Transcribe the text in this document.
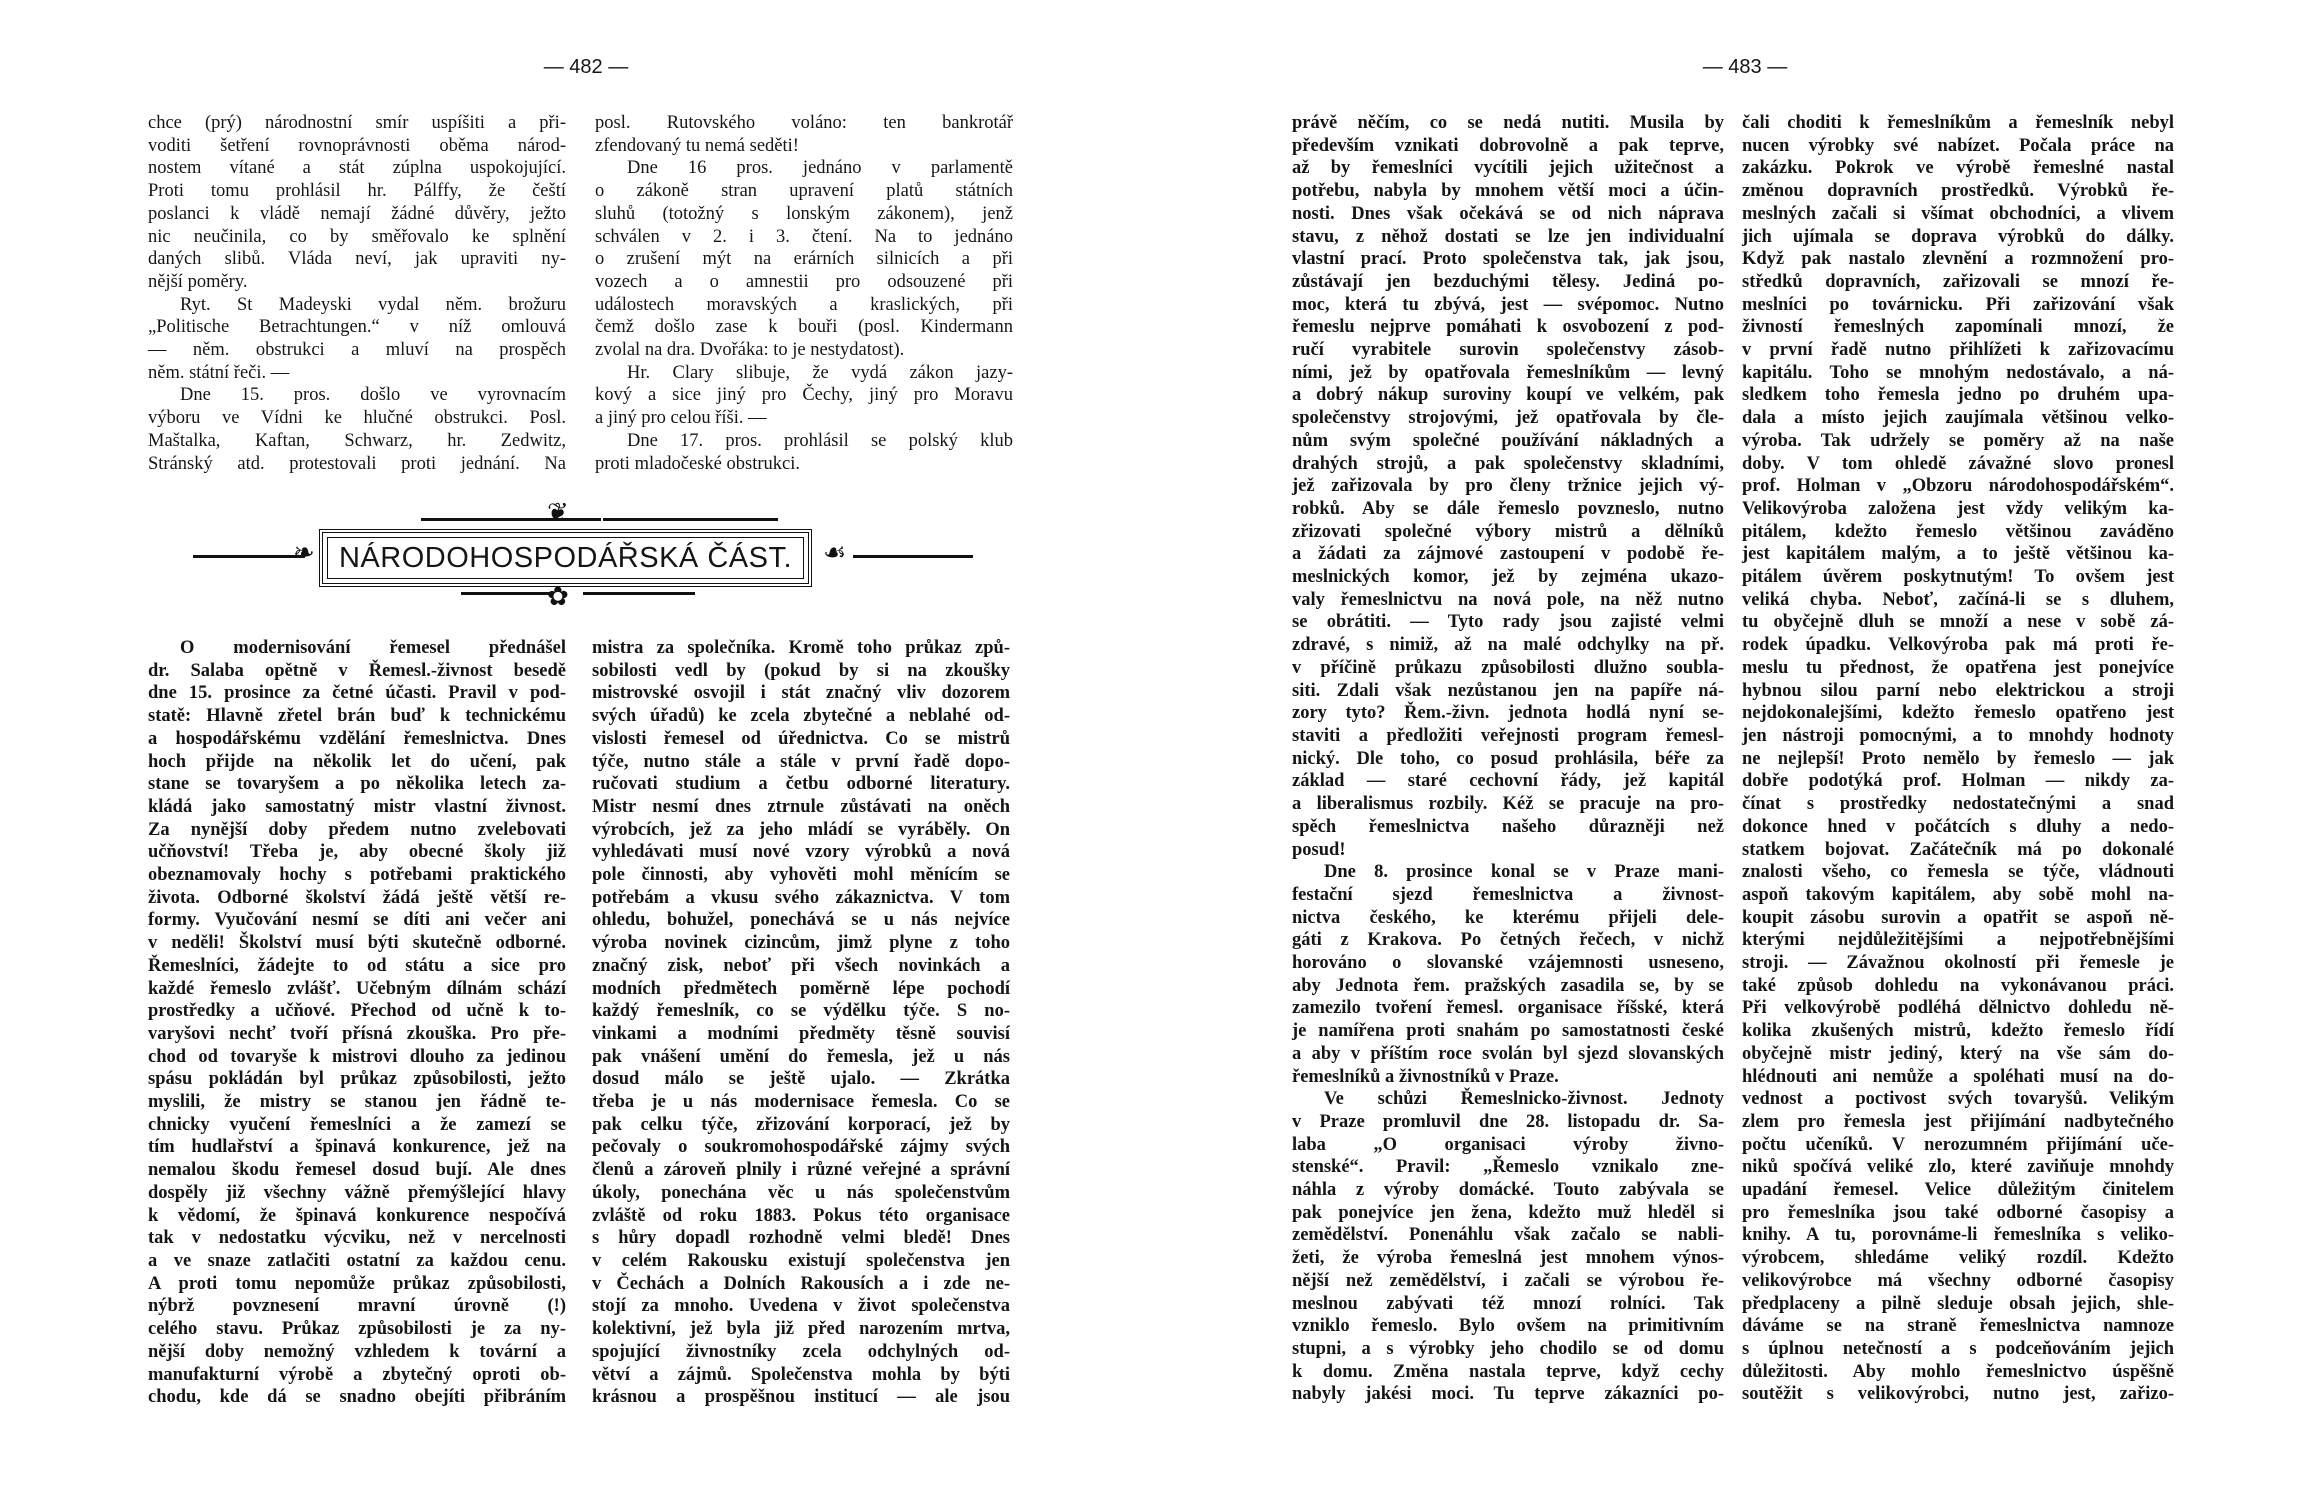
— 482 —	— 483 —
chce (prý) národnostní smír uspíšiti a při-
voditi šetření rovnoprávnosti oběma národ-
nostem vítané a stát zúplna uspokojující.
Proti tomu prohlásil hr. Pálffy, že čeští
poslanci k vládě nemají žádné důvěry, ježto
nic neučinila, co by směřovalo ke splnění
daných slibů. Vláda neví, jak upraviti ny-
nější poměry.
Ryt. St Madeyski vydal něm. brožuru
„Politische Betrachtungen.“ v níž omlouvá
— něm. obstrukci a mluví na prospěch
něm. státní řeči. —
Dne 15. pros. došlo ve vyrovnacím
výboru ve Vídni ke hlučné obstrukci. Posl.
Maštalka, Kaftan, Schwarz, hr. Zedwitz,
Stránský atd. protestovali proti jednání. Na
posl. Rutovského voláno: ten bankrotář
zfendovaný tu nemá seděti!
Dne 16 pros. jednáno v parlamentě
o zákoně stran upravení platů státních
sluhů (totožný s lonským zákonem), jenž
schválen v 2. i 3. čtení. Na to jednáno
o zrušení mýt na erárních silnicích a při
vozech a o amnestii pro odsouzené při
událostech moravských a kraslických, při
čemž došlo zase k bouři (posl. Kindermann
zvolal na dra. Dvořáka: to je nestydatost).
Hr. Clary slibuje, že vydá zákon jazy-
kový a sice jiný pro Čechy, jiný pro Moravu
a jiný pro celou říši. —
Dne 17. pros. prohlásil se polský klub
proti mladočeské obstrukci.
❧
❦
NÁRODOHOSPODÁŘSKÁ ČÁST. ☙
✿
O modernisování řemesel přednášel
dr. Salaba opětně v Řemesl.-živnost besedě
dne 15. prosince za četné účasti. Pravil v pod-
statě: Hlavně zřetel brán buď k technickému
a hospodářskému vzdělání řemeslnictva. Dnes
hoch přijde na několik let do učení, pak
stane se tovaryšem a po několika letech za-
kládá jako samostatný mistr vlastní živnost.
Za nynější doby předem nutno zvelebovati
učňovství! Třeba je, aby obecné školy již
obeznamovaly hochy s potřebami praktického
života. Odborné školství žádá ještě větší re-
formy. Vyučování nesmí se díti ani večer ani
v neděli! Školství musí býti skutečně odborné.
Řemeslníci, žádejte to od státu a sice pro
každé řemeslo zvlášť. Učebným dílnám schází
prostředky a učňové. Přechod od učně k to-
varyšovi nechť tvoří přísná zkouška. Pro pře-
chod od tovaryše k mistrovi dlouho za jedinou
spásu pokládán byl průkaz způsobilosti, ježto
myslili, že mistry se stanou jen řádně te-
chnicky vyučení řemeslníci a že zamezí se
tím hudlařství a špinavá konkurence, jež na
nemalou škodu řemesel dosud bují. Ale dnes
dospěly již všechny vážně přemýšlející hlavy
k vědomí, že špinavá konkurence nespočívá
tak v nedostatku výcviku, než v nercelnosti
a ve snaze zatlačiti ostatní za každou cenu.
A proti tomu nepomůže průkaz způsobilosti,
nýbrž povznesení mravní úrovně (!)
celého stavu. Průkaz způsobilosti je za ny-
nější doby nemožný vzhledem k tovární a
manufakturní výrobě a zbytečný oproti ob-
chodu, kde dá se snadno obejíti přibráním
mistra za společníka. Kromě toho průkaz způ-
sobilosti vedl by (pokud by si na zkoušky
mistrovské osvojil i stát značný vliv dozorem
svých úřadů) ke zcela zbytečné a neblahé od-
vislosti řemesel od úřednictva. Co se mistrů
týče, nutno stále a stále v první řadě dopo-
ručovati studium a četbu odborné literatury.
Mistr nesmí dnes ztrnule zůstávati na oněch
výrobcích, jež za jeho mládí se vyráběly. On
vyhledávati musí nové vzory výrobků a nová
pole činnosti, aby vyhověti mohl měnícím se
potřebám a vkusu svého zákaznictva. V tom
ohledu, bohužel, ponechává se u nás nejvíce
výroba novinek cizincům, jimž plyne z toho
značný zisk, neboť při všech novinkách a
modních předmětech poměrně lépe pochodí
každý řemeslník, co se výdělku týče. S no-
vinkami a modními předměty těsně souvisí
pak vnášení umění do řemesla, jež u nás
dosud málo se ještě ujalo. — Zkrátka
třeba je u nás modernisace řemesla. Co se
pak celku týče, zřizování korporací, jež by
pečovaly o soukromohospodářské zájmy svých
členů a zároveň plnily i různé veřejné a správní
úkoly, ponechána věc u nás společenstvům
zvláště od roku 1883. Pokus této organisace
s hůry dopadl rozhodně velmi bledě! Dnes
v celém Rakousku existují společenstva jen
v Čechách a Dolních Rakousích a i zde ne-
stojí za mnoho. Uvedena v život společenstva
kolektivní, jež byla již před narozením mrtva,
spojující živnostníky zcela odchylných od-
větví a zájmů. Společenstva mohla by býti
krásnou a prospěšnou institucí — ale jsou
právě něčím, co se nedá nutiti. Musila by
především vznikati dobrovolně a pak teprve,
až by řemeslníci vycítili jejich užitečnost a
potřebu, nabyla by mnohem větší moci a účin-
nosti. Dnes však očekává se od nich náprava
stavu, z něhož dostati se lze jen individualní
vlastní prací. Proto společenstva tak, jak jsou,
zůstávají jen bezduchými tělesy. Jediná po-
moc, která tu zbývá, jest — svépomoc. Nutno
řemeslu nejprve pomáhati k osvobození z pod-
ručí vyrabitele surovin společenstvy zásob-
ními, jež by opatřovala řemeslníkům — levný
a dobrý nákup suroviny koupí ve velkém, pak
společenstvy strojovými, jež opatřovala by čle-
nům svým společné používání nákladných a
drahých strojů, a pak společenstvy skladními,
jež zařizovala by pro členy tržnice jejich vý-
robků. Aby se dále řemeslo povzneslo, nutno
zřizovati společné výbory mistrů a dělníků
a žádati za zájmové zastoupení v podobě ře-
meslnických komor, jež by zejména ukazo-
valy řemeslnictvu na nová pole, na něž nutno
se obrátiti. — Tyto rady jsou zajisté velmi
zdravé, s nimiž, až na malé odchylky na př.
v příčině průkazu způsobilosti dlužno soubla-
siti. Zdali však nezůstanou jen na papíře ná-
zory tyto? Řem.-živn. jednota hodlá nyní se-
staviti a předložiti veřejnosti program řemesl-
nický. Dle toho, co posud prohlásila, béře za
základ — staré cechovní řády, jež kapitál
a liberalismus rozbily. Kéž se pracuje na pro-
spěch řemeslnictva našeho důrazněji než
posud!
Dne 8. prosince konal se v Praze mani-
festační sjezd řemeslnictva a živnost-
nictva českého, ke kterému přijeli dele-
gáti z Krakova. Po četných řečech, v nichž
horováno o slovanské vzájemnosti usneseno,
aby Jednota řem. pražských zasadila se, by se
zamezilo tvoření řemesl. organisace říšské, která
je namířena proti snahám po samostatnosti české
a aby v příštím roce svolán byl sjezd slovanských
řemeslníků a živnostníků v Praze.
Ve schůzi Řemeslnicko-živnost. Jednoty
v Praze promluvil dne 28. listopadu dr. Sa-
laba „O organisaci výroby živno-
stenské“. Pravil: „Řemeslo vznikalo zne-
náhla z výroby domácké. Touto zabývala se
pak ponejvíce jen žena, kdežto muž hleděl si
zemědělství. Ponenáhlu však začalo se nabli-
žeti, že výroba řemeslná jest mnohem výnos-
nější než zemědělství, i začali se výrobou ře-
meslnou zabývati též mnozí rolníci. Tak
vzniklo řemeslo. Bylo ovšem na primitivním
stupni, a s výrobky jeho chodilo se od domu
k domu. Změna nastala teprve, když cechy
nabyly jakési moci. Tu teprve zákazníci po-
čali choditi k řemeslníkům a řemeslník nebyl
nucen výrobky své nabízet. Počala práce na
zakázku. Pokrok ve výrobě řemeslné nastal
změnou dopravních prostředků. Výrobků ře-
meslných začali si všímat obchodníci, a vlivem
jich ujímala se doprava výrobků do dálky.
Když pak nastalo zlevnění a rozmnožení pro-
středků dopravních, zařizovali se mnozí ře-
meslníci po továrnicku. Při zařizování však
živností řemeslných zapomínali mnozí, že
v první řadě nutno přihlížeti k zařizovacímu
kapitálu. Toho se mnohým nedostávalo, a ná-
sledkem toho řemesla jedno po druhém upa-
dala a místo jejich zaujímala většinou velko-
výroba. Tak udržely se poměry až na naše
doby. V tom ohledě závažné slovo pronesl
prof. Holman v „Obzoru národohospodářském“.
Velikovýroba založena jest vždy velikým ka-
pitálem, kdežto řemeslo většinou zaváděno
jest kapitálem malým, a to ještě většinou ka-
pitálem úvěrem poskytnutým! To ovšem jest
veliká chyba. Neboť, začíná-li se s dluhem,
tu obyčejně dluh se množí a nese v sobě zá-
rodek úpadku. Velkovýroba pak má proti ře-
meslu tu přednost, že opatřena jest ponejvíce
hybnou silou parní nebo elektrickou a stroji
nejdokonalejšími, kdežto řemeslo opatřeno jest
jen nástroji pomocnými, a to mnohdy hodnoty
ne nejlepší! Proto nemělo by řemeslo — jak
dobře podotýká prof. Holman — nikdy za-
čínat s prostředky nedostatečnými a snad
dokonce hned v počátcích s dluhy a nedo-
statkem bojovat. Začátečník má po dokonalé
znalosti všeho, co řemesla se týče, vládnouti
aspoň takovým kapitálem, aby sobě mohl na-
koupit zásobu surovin a opatřit se aspoň ně-
kterými nejdůležitějšími a nejpotřebnějšími
stroji. — Závažnou okolností při řemesle je
také způsob dohledu na vykonávanou práci.
Při velkovýrobě podléhá dělnictvo dohledu ně-
kolika zkušených mistrů, kdežto řemeslo řídí
obyčejně mistr jediný, který na vše sám do-
hlédnouti ani nemůže a spoléhati musí na do-
vednost a poctivost svých tovaryšů. Velikým
zlem pro řemesla jest přijímání nadbytečného
počtu učeníků. V nerozumném přijímání uče-
niků spočívá veliké zlo, které zaviňuje mnohdy
upadání řemesel. Velice důležitým činitelem
pro řemeslníka jsou také odborné časopisy a
knihy. A tu, porovnáme-li řemeslníka s veliko-
výrobcem, shledáme veliký rozdíl. Kdežto
velikovýrobce má všechny odborné časopisy
předplaceny a pilně sleduje obsah jejich, shle-
dáváme se na straně řemeslnictva namnoze
s úplnou netečností a s podceňováním jejich
důležitosti. Aby mohlo řemeslnictvo úspěšně
soutěžit s velikovýrobci, nutno jest, zařizo-
